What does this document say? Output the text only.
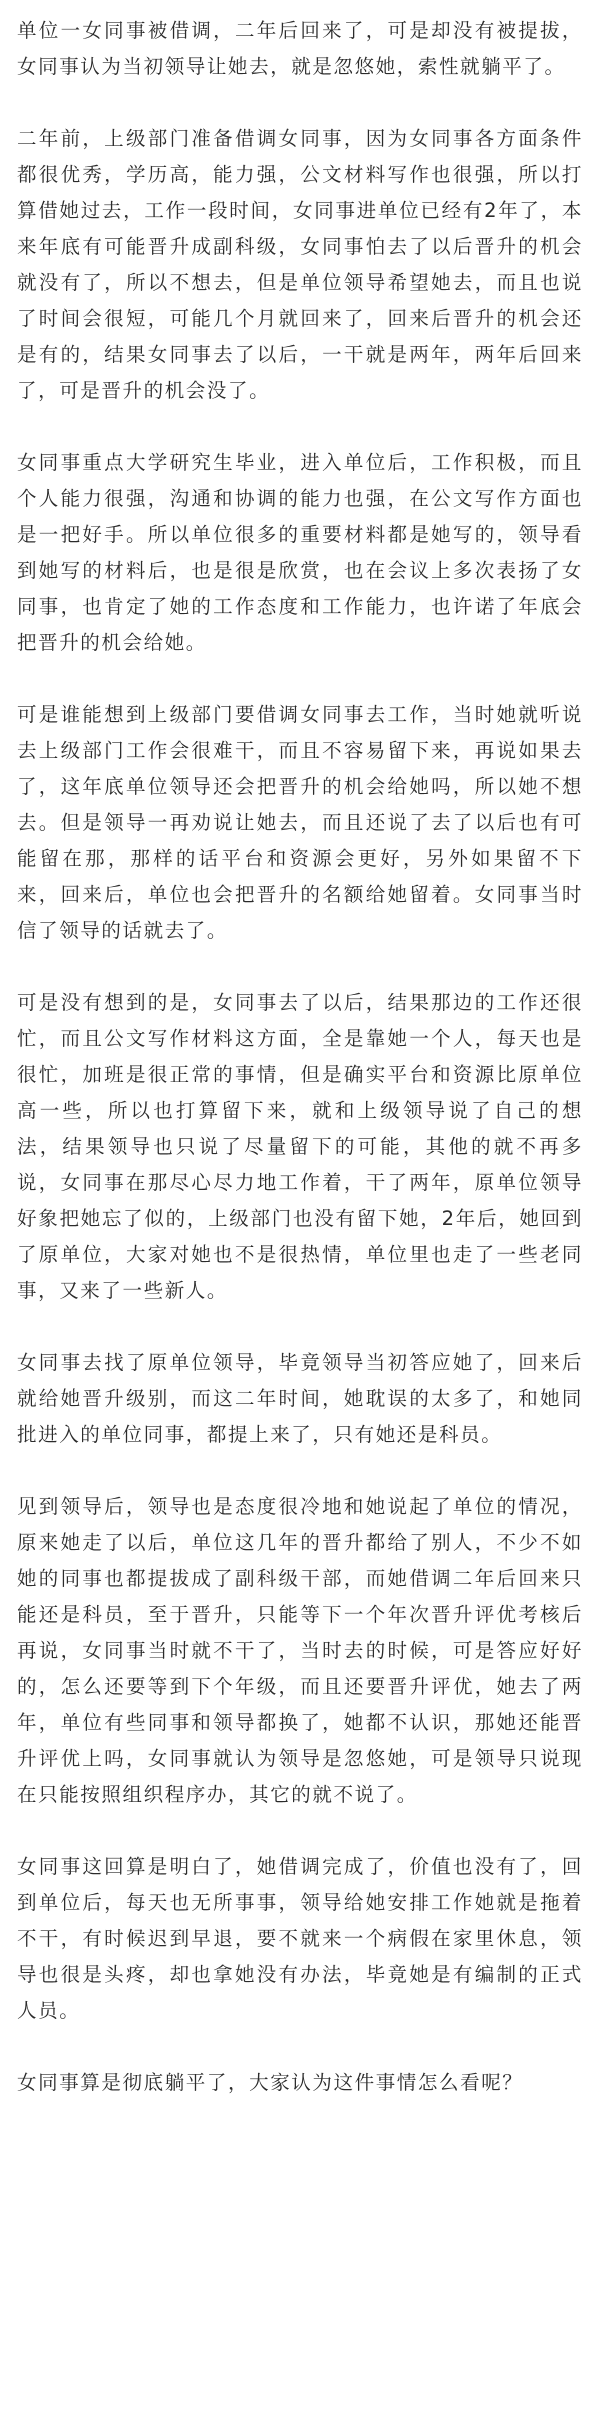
单位一女同事被借调，二年后回来了，可是却没有被提拔，女同事认为当初领导让她去，就是忽悠她，索性就躺平了。

二年前，上级部门准备借调女同事，因为女同事各方面条件都很优秀，学历高，能力强，公文材料写作也很强，所以打算借她过去，工作一段时间，女同事进单位已经有2年了，本来年底有可能晋升成副科级，女同事怕去了以后晋升的机会就没有了，所以不想去，但是单位领导希望她去，而且也说了时间会很短，可能几个月就回来了，回来后晋升的机会还是有的，结果女同事去了以后，一干就是两年，两年后回来了，可是晋升的机会没了。

女同事重点大学研究生毕业，进入单位后，工作积极，而且个人能力很强，沟通和协调的能力也强，在公文写作方面也是一把好手。所以单位很多的重要材料都是她写的，领导看到她写的材料后，也是很是欣赏，也在会议上多次表扬了女同事，也肯定了她的工作态度和工作能力，也许诺了年底会把晋升的机会给她。

可是谁能想到上级部门要借调女同事去工作，当时她就听说去上级部门工作会很难干，而且不容易留下来，再说如果去了，这年底单位领导还会把晋升的机会给她吗，所以她不想去。但是领导一再劝说让她去，而且还说了去了以后也有可能留在那，那样的话平台和资源会更好，另外如果留不下来，回来后，单位也会把晋升的名额给她留着。女同事当时信了领导的话就去了。

可是没有想到的是，女同事去了以后，结果那边的工作还很忙，而且公文写作材料这方面，全是靠她一个人，每天也是很忙，加班是很正常的事情，但是确实平台和资源比原单位高一些，所以也打算留下来，就和上级领导说了自己的想法，结果领导也只说了尽量留下的可能，其他的就不再多说，女同事在那尽心尽力地工作着，干了两年，原单位领导好象把她忘了似的，上级部门也没有留下她，2年后，她回到了原单位，大家对她也不是很热情，单位里也走了一些老同事，又来了一些新人。

女同事去找了原单位领导，毕竟领导当初答应她了，回来后就给她晋升级别，而这二年时间，她耽误的太多了，和她同批进入的单位同事，都提上来了，只有她还是科员。

见到领导后，领导也是态度很冷地和她说起了单位的情况，原来她走了以后，单位这几年的晋升都给了别人，不少不如她的同事也都提拔成了副科级干部，而她借调二年后回来只能还是科员，至于晋升，只能等下一个年次晋升评优考核后再说，女同事当时就不干了，当时去的时候，可是答应好好的，怎么还要等到下个年级，而且还要晋升评优，她去了两年，单位有些同事和领导都换了，她都不认识，那她还能晋升评优上吗，女同事就认为领导是忽悠她，可是领导只说现在只能按照组织程序办，其它的就不说了。

女同事这回算是明白了，她借调完成了，价值也没有了，回到单位后，每天也无所事事，领导给她安排工作她就是拖着不干，有时候迟到早退，要不就来一个病假在家里休息，领导也很是头疼，却也拿她没有办法，毕竟她是有编制的正式人员。

女同事算是彻底躺平了，大家认为这件事情怎么看呢？
